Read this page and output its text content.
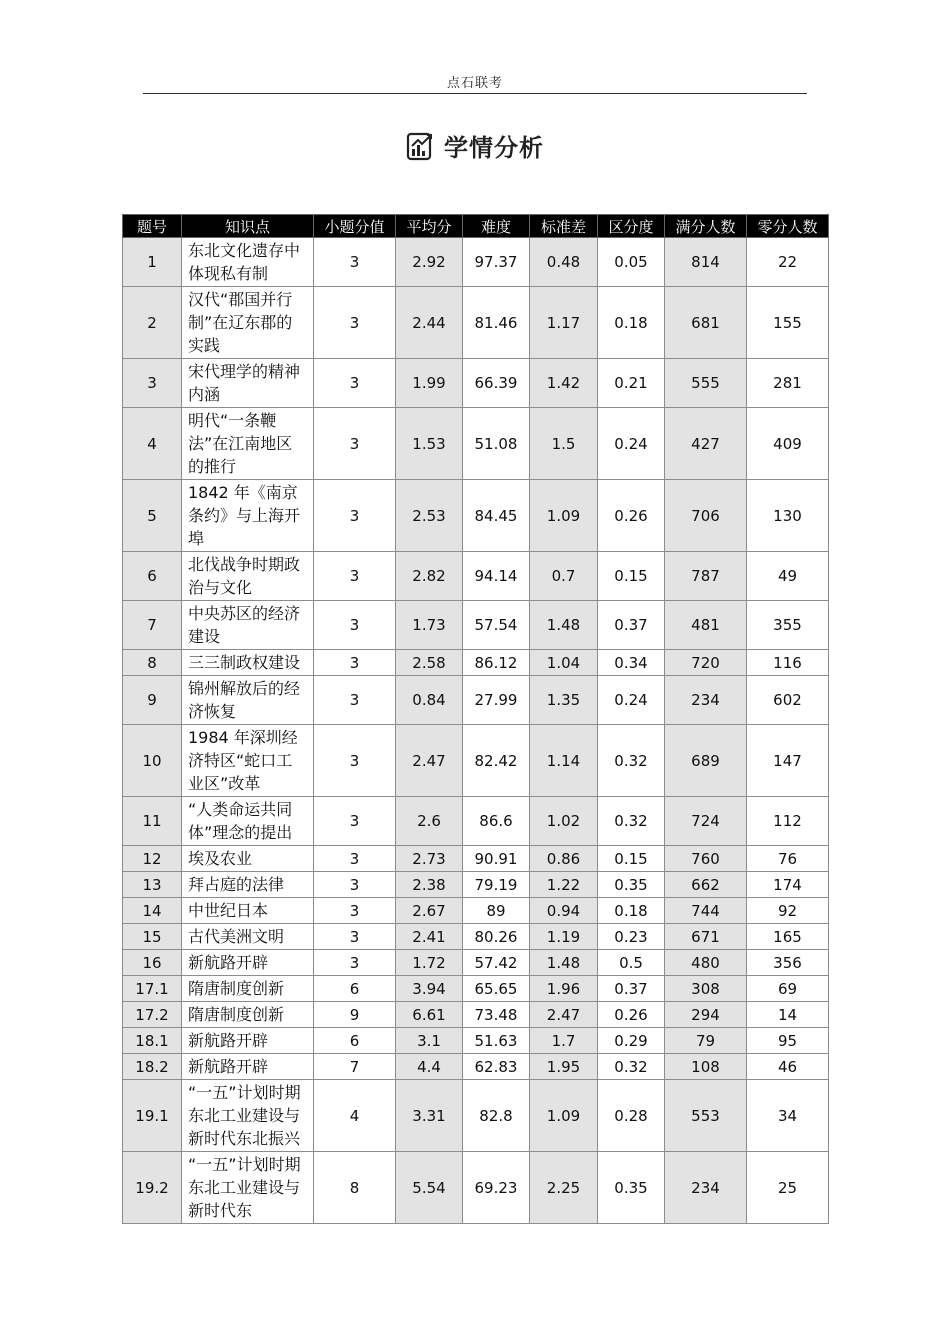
点石联考
学情分析
题号	知识点	小题分值	平均分	难度	标准差	区分度	满分人数	零分人数
1	东北文化遗存中体现私有制	3	2.92	97.37	0.48	0.05	814	22
2	汉代“郡国并行制”在辽东郡的实践	3	2.44	81.46	1.17	0.18	681	155
3	宋代理学的精神内涵	3	1.99	66.39	1.42	0.21	555	281
4	明代“一条鞭法”在江南地区的推行	3	1.53	51.08	1.5	0.24	427	409
5	1842 年《南京条约》与上海开埠	3	2.53	84.45	1.09	0.26	706	130
6	北伐战争时期政治与文化	3	2.82	94.14	0.7	0.15	787	49
7	中央苏区的经济建设	3	1.73	57.54	1.48	0.37	481	355
8	三三制政权建设	3	2.58	86.12	1.04	0.34	720	116
9	锦州解放后的经济恢复	3	0.84	27.99	1.35	0.24	234	602
10	1984 年深圳经济特区“蛇口工业区”改革	3	2.47	82.42	1.14	0.32	689	147
11	“人类命运共同体”理念的提出	3	2.6	86.6	1.02	0.32	724	112
12	埃及农业	3	2.73	90.91	0.86	0.15	760	76
13	拜占庭的法律	3	2.38	79.19	1.22	0.35	662	174
14	中世纪日本	3	2.67	89	0.94	0.18	744	92
15	古代美洲文明	3	2.41	80.26	1.19	0.23	671	165
16	新航路开辟	3	1.72	57.42	1.48	0.5	480	356
17.1	隋唐制度创新	6	3.94	65.65	1.96	0.37	308	69
17.2	隋唐制度创新	9	6.61	73.48	2.47	0.26	294	14
18.1	新航路开辟	6	3.1	51.63	1.7	0.29	79	95
18.2	新航路开辟	7	4.4	62.83	1.95	0.32	108	46
19.1	“一五”计划时期东北工业建设与新时代东北振兴	4	3.31	82.8	1.09	0.28	553	34
19.2	“一五”计划时期东北工业建设与新时代东	8	5.54	69.23	2.25	0.35	234	25
